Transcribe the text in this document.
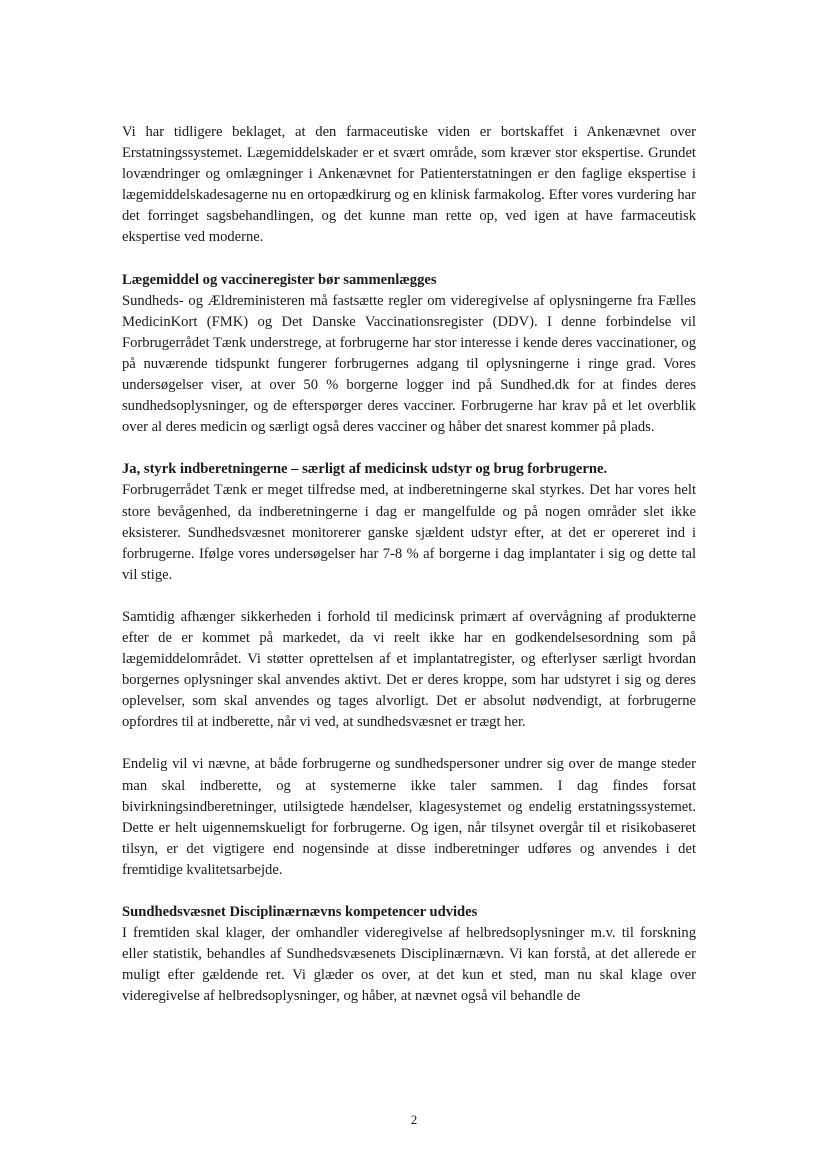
Vi har tidligere beklaget, at den farmaceutiske viden er bortskaffet i Ankenævnet over Erstatningssystemet. Lægemiddelskader er et svært område, som kræver stor ekspertise. Grundet lovændringer og omlægninger i Ankenævnet for Patienterstatningen er den faglige ekspertise i lægemiddelskadesagerne nu en ortopædkirurg og en klinisk farmakolog. Efter vores vurdering har det forringet sagsbehandlingen, og det kunne man rette op, ved igen at have farmaceutisk ekspertise ved moderne.

Lægemiddel og vaccineregister bør sammenlægges

Sundheds- og Ældreministeren må fastsætte regler om videregivelse af oplysningerne fra Fælles MedicinKort (FMK) og Det Danske Vaccinationsregister (DDV). I denne forbindelse vil Forbrugerrådet Tænk understrege, at forbrugerne har stor interesse i kende deres vaccinationer, og på nuværende tidspunkt fungerer forbrugernes adgang til oplysningerne i ringe grad. Vores undersøgelser viser, at over 50 % borgerne logger ind på Sundhed.dk for at findes deres sundhedsoplysninger, og de efterspørger deres vacciner. Forbrugerne har krav på et let overblik over al deres medicin og særligt også deres vacciner og håber det snarest kommer på plads.

Ja, styrk indberetningerne – særligt af medicinsk udstyr og brug forbrugerne.

Forbrugerrådet Tænk er meget tilfredse med, at indberetningerne skal styrkes. Det har vores helt store bevågenhed, da indberetningerne i dag er mangelfulde og på nogen områder slet ikke eksisterer. Sundhedsvæsnet monitorerer ganske sjældent udstyr efter, at det er opereret ind i forbrugerne. Ifølge vores undersøgelser har 7-8 % af borgerne i dag implantater i sig og dette tal vil stige.

Samtidig afhænger sikkerheden i forhold til medicinsk primært af overvågning af produkterne efter de er kommet på markedet, da vi reelt ikke har en godkendelsesordning som på lægemiddelområdet. Vi støtter oprettelsen af et implantatregister, og efterlyser særligt hvordan borgernes oplysninger skal anvendes aktivt. Det er deres kroppe, som har udstyret i sig og deres oplevelser, som skal anvendes og tages alvorligt. Det er absolut nødvendigt, at forbrugerne opfordres til at indberette, når vi ved, at sundhedsvæsnet er trægt her.

Endelig vil vi nævne, at både forbrugerne og sundhedspersoner undrer sig over de mange steder man skal indberette, og at systemerne ikke taler sammen. I dag findes forsat bivirkningsindberetninger, utilsigtede hændelser, klagesystemet og endelig erstatningssystemet. Dette er helt uigennemskueligt for forbrugerne. Og igen, når tilsynet overgår til et risikobaseret tilsyn, er det vigtigere end nogensinde at disse indberetninger udføres og anvendes i det fremtidige kvalitetsarbejde.

Sundhedsvæsnet Disciplinærnævns kompetencer udvides

I fremtiden skal klager, der omhandler videregivelse af helbredsoplysninger m.v. til forskning eller statistik, behandles af Sundhedsvæsenets Disciplinærnævn. Vi kan forstå, at det allerede er muligt efter gældende ret. Vi glæder os over, at det kun et sted, man nu skal klage over videregivelse af helbredsoplysninger, og håber, at nævnet også vil behandle de

2
